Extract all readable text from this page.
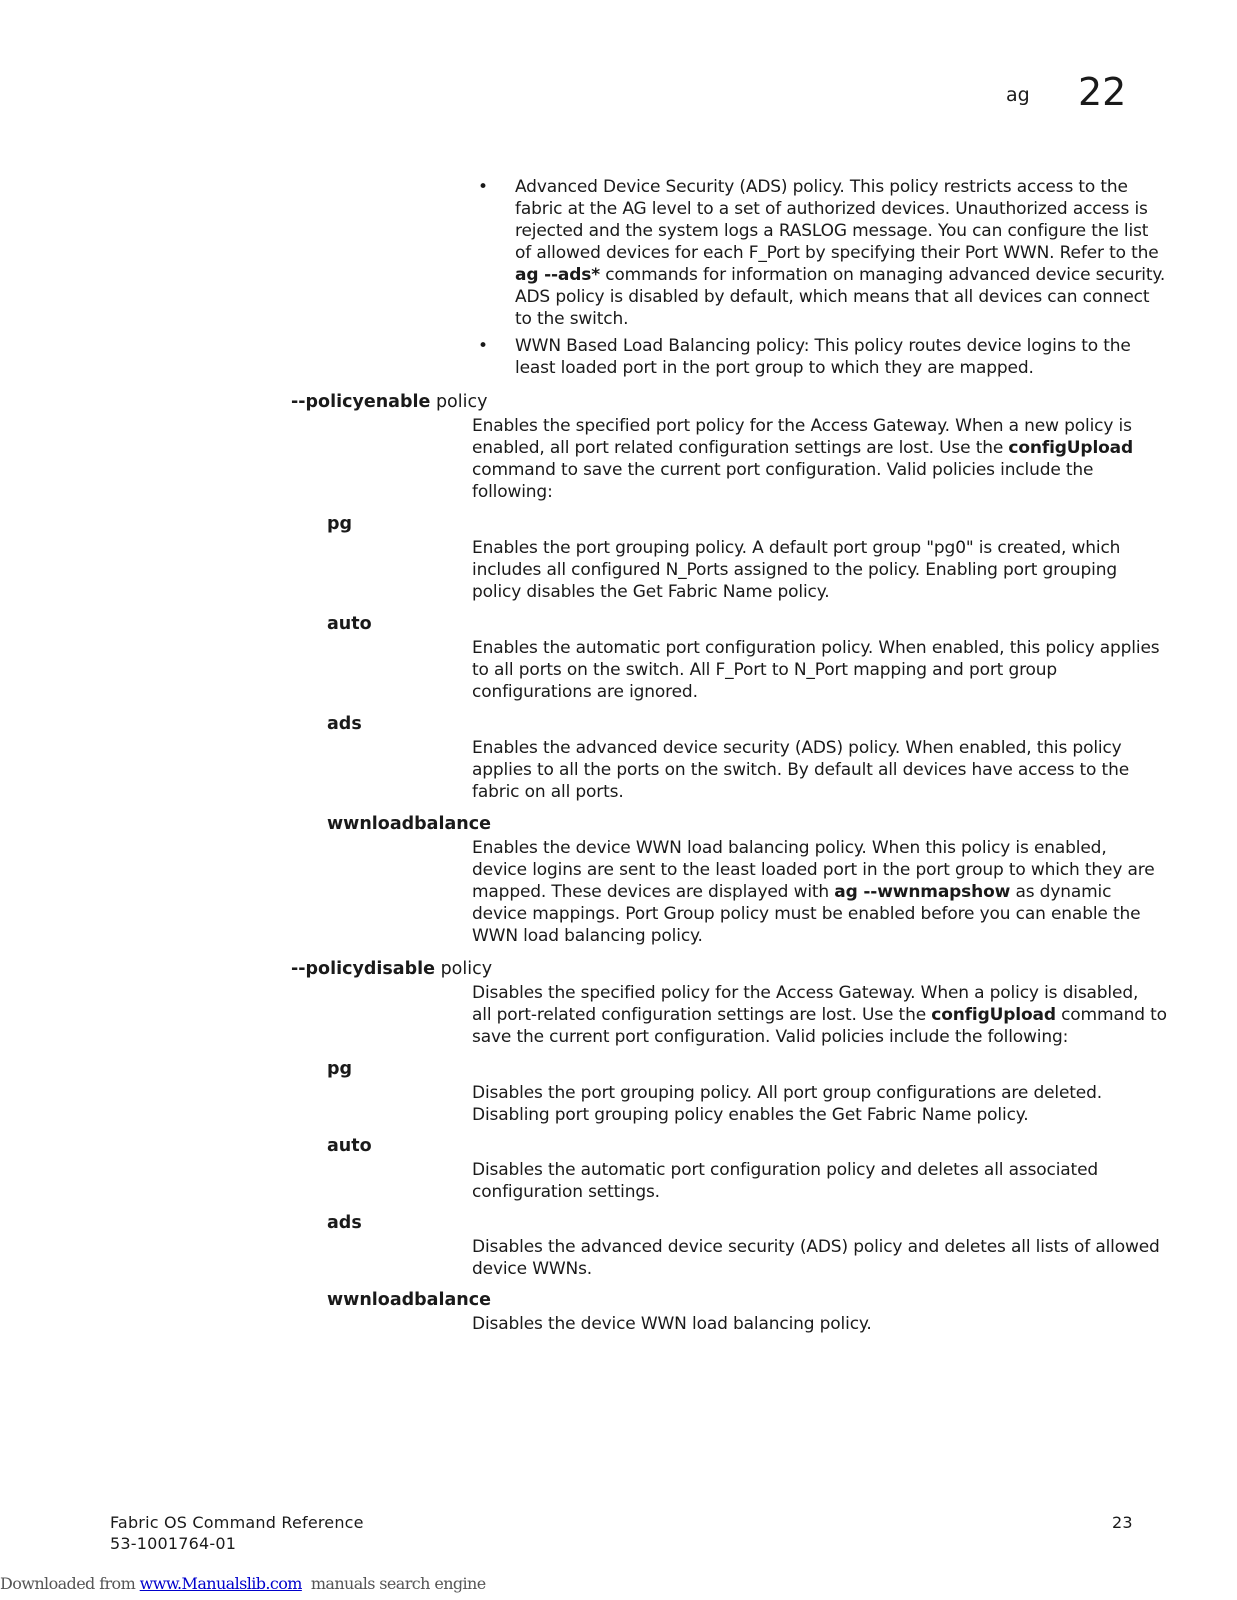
ag 22
• Advanced Device Security (ADS) policy. This policy restricts access to the
fabric at the AG level to a set of authorized devices. Unauthorized access is
rejected and the system logs a RASLOG message. You can configure the list
of allowed devices for each F_Port by specifying their Port WWN. Refer to the
ag --ads* commands for information on managing advanced device security.
ADS policy is disabled by default, which means that all devices can connect
to the switch.
• WWN Based Load Balancing policy: This policy routes device logins to the
least loaded port in the port group to which they are mapped.
--policyenable policy
Enables the specified port policy for the Access Gateway. When a new policy is
enabled, all port related configuration settings are lost. Use the configUpload
command to save the current port configuration. Valid policies include the
following:
pg
Enables the port grouping policy. A default port group "pg0" is created, which
includes all configured N_Ports assigned to the policy. Enabling port grouping
policy disables the Get Fabric Name policy.
auto
Enables the automatic port configuration policy. When enabled, this policy applies
to all ports on the switch. All F_Port to N_Port mapping and port group
configurations are ignored.
ads
Enables the advanced device security (ADS) policy. When enabled, this policy
applies to all the ports on the switch. By default all devices have access to the
fabric on all ports.
wwnloadbalance
Enables the device WWN load balancing policy. When this policy is enabled,
device logins are sent to the least loaded port in the port group to which they are
mapped. These devices are displayed with ag --wwnmapshow as dynamic
device mappings. Port Group policy must be enabled before you can enable the
WWN load balancing policy.
--policydisable policy
Disables the specified policy for the Access Gateway. When a policy is disabled,
all port-related configuration settings are lost. Use the configUpload command to
save the current port configuration. Valid policies include the following:
pg
Disables the port grouping policy. All port group configurations are deleted.
Disabling port grouping policy enables the Get Fabric Name policy.
auto
Disables the automatic port configuration policy and deletes all associated
configuration settings.
ads
Disables the advanced device security (ADS) policy and deletes all lists of allowed
device WWNs.
wwnloadbalance
Disables the device WWN load balancing policy.
Fabric OS Command Reference
53-1001764-01
23
Downloaded from www.Manualslib.com  manuals search engine
